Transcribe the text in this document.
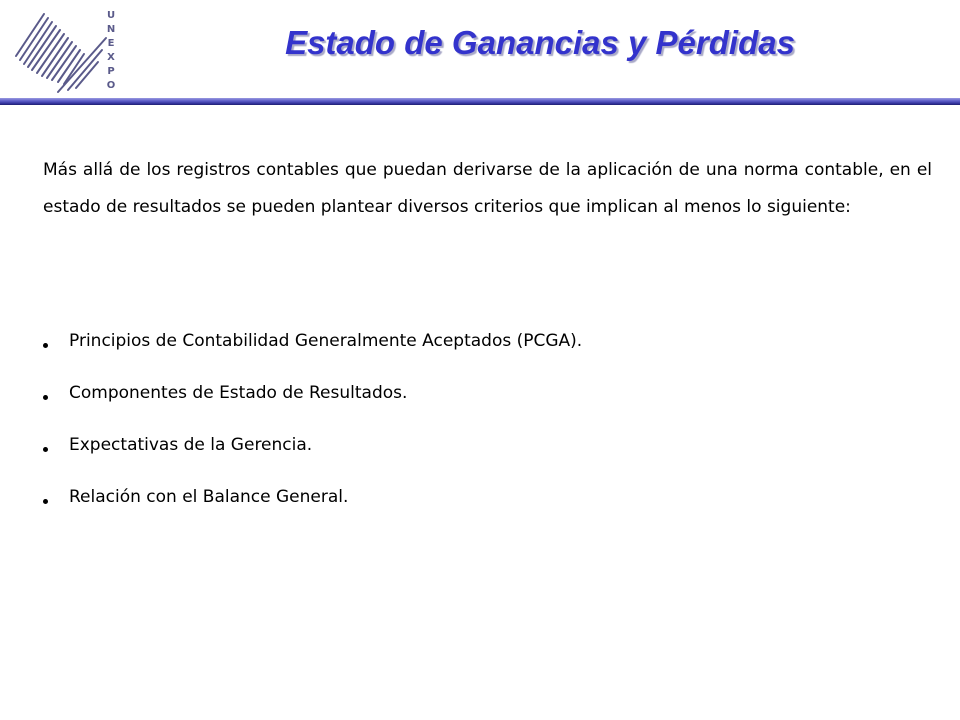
U
N
E
X
P
O
Estado de Ganancias y Pérdidas

Más allá de los registros contables que puedan derivarse de la aplicación de una norma contable, en el estado de resultados se pueden plantear diversos criterios que implican al menos lo siguiente:

Principios de Contabilidad Generalmente Aceptados (PCGA).
Componentes de Estado de Resultados.
Expectativas de la Gerencia.
Relación con el Balance General.
